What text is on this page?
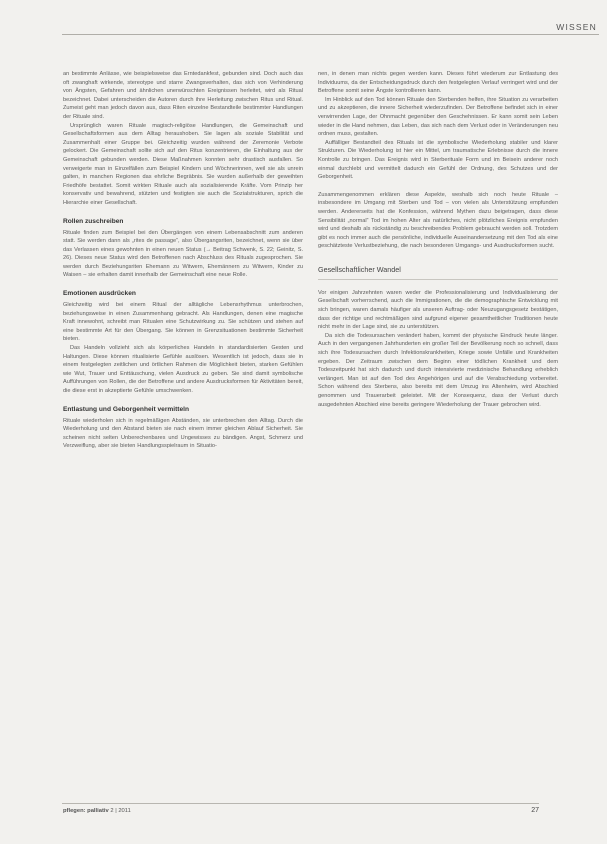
WISSEN

an bestimmte Anlässe, wie beispielsweise das Erntedankfest, gebunden sind. Doch auch das oft zwanghaft wirkende, stereotype und starre Zwangsverhalten, das sich von Verhinderung von Ängsten, Gefahren und ähnlichen unerwünschten Ereignissen herleitet, wird als Ritual bezeichnet. Dabei unterscheiden die Autoren durch ihre Herleitung zwischen Ritus und Ritual. Zumeist geht man jedoch davon aus, dass Riten einzelne Bestandteile bestimmter Handlungen der Rituale sind.

Ursprünglich waren Rituale magisch-religiöse Handlungen, die Gemeinschaft und Gesellschaftsformen aus dem Alltag heraushoben. Sie lagen als soziale Stabilität und Zusammenhalt einer Gruppe bei. Gleichzeitig wurden während der Zeremonie Verbote gelockert. Die Gemeinschaft sollte sich auf den Ritus konzentrieren, die Einhaltung aus der Gemeinschaft gebunden werden. Diese Maßnahmen konnten sehr drastisch ausfallen. So verweigerte man in Einzelfällen zum Beispiel Kindern und Wöchnerinnen, weil sie als unrein galten, in manchen Regionen das ehrliche Begräbnis. Sie wurden außerhalb der geweihten Friedhöfe bestattet. Somit wirkten Rituale auch als sozialisierende Kräfte. Vom Prinzip her konservativ und bewahrend, stützten und festigten sie auch die Sozialstrukturen, sprich die Hierarchie einer Gesellschaft.

Rollen zuschreiben

Rituale finden zum Beispiel bei den Übergängen von einem Lebensabschnitt zum anderen statt. Sie werden dann als „rites de passage“, also Übergangsriten, bezeichnet, wenn sie über das Verlassen eines gewohnten in einen neuen Status (→ Beitrag Schwenk, S. 22; Geinitz, S. 26). Dieses neue Status wird den Betroffenen nach Abschluss des Rituals zugesprochen. Sie werden durch Beziehungsriten Ehemann zu Witwern, Ehemännern zu Witwern, Kinder zu Waisen – sie erhalten damit innerhalb der Gemeinschaft eine neue Rolle.

Emotionen ausdrücken

Gleichzeitig wird bei einem Ritual der alltägliche Lebensrhythmus unterbrochen, beziehungsweise in einen Zusammenhang gebracht. Als Handlungen, denen eine magische Kraft innewohnt, schreibt man Ritualen eine Schutzwirkung zu. Sie schützen und stehen auf eine bestimmte Art für den Übergang. Sie können in Grenzsituationen bestimmte Sicherheit bieten.

Das Handeln vollzieht sich als körperliches Handeln in standardisierten Gesten und Haltungen. Diese können ritualisierte Gefühle auslösen. Wesentlich ist jedoch, dass sie in einem festgelegten zeitlichen und örtlichen Rahmen die Möglichkeit bieten, starken Gefühlen wie Wut, Trauer und Enttäuschung, vielen Ausdruck zu geben. Sie sind damit symbolische Aufführungen von Rollen, die der Betroffene und andere Ausdrucksformen für Aktivitäten bereit, die diese erst in akzeptierte Gefühle umschwenken.

Entlastung und Geborgenheit vermitteln

Rituale wiederholen sich in regelmäßigen Abständen, sie unterbrechen den Alltag. Durch die Wiederholung und den Abstand bieten sie nach einem immer gleichen Ablauf Sicherheit. Sie scheinen nicht selten Unberechenbares und Ungewisses zu bändigen. Angst, Schmerz und Verzweiflung, aber sie bieten Handlungsspielraum in Situatio-

nen, in denen man nichts gegen werden kann. Dieses führt wiederum zur Entlastung des Individuums, da der Entscheidungsdruck durch den festgelegten Verlauf verringert wird und der Betroffene somit seine Ängste kontrollieren kann.

Im Hinblick auf den Tod können Rituale den Sterbenden helfen, ihre Situation zu verarbeiten und zu akzeptieren, die innere Sicherheit wiederzufinden. Der Betroffene befindet sich in einer verwirrenden Lage, der Ohnmacht gegenüber den Geschehnissen. Er kann somit sein Leben wieder in die Hand nehmen, das Leben, das sich nach dem Verlust oder in Veränderungen neu ordnen muss, gestalten.

Auffälliger Bestandteil des Rituals ist die symbolische Wiederholung stabiler und klarer Strukturen. Die Wiederholung ist hier ein Mittel, um traumatische Erlebnisse durch die innere Kontrolle zu bringen. Das Ereignis wird in Sterberituale Form und im Beisein anderer noch einmal durchlebt und vermittelt dadurch ein Gefühl der Ordnung, des Schutzes und der Geborgenheit.

Zusammengenommen erklären diese Aspekte, weshalb sich noch heute Rituale – insbesondere im Umgang mit Sterben und Tod – von vielen als Unterstützung empfunden werden. Andererseits hat die Konfession, während Mythen dazu beigetragen, dass diese Sensibilität „normal“ Tod im hohen Alter als natürliches, nicht plötzliches Ereignis empfunden wird und deshalb als rückständig zu beschreibendes Problem gebraucht werden soll. Trotzdem gibt es noch immer auch die persönliche, individuelle Auseinandersetzung mit den Tod als eine geschätzteste Verlustbeziehung, die nach besonderen Umgangs- und Ausdrucksformen sucht.

Gesellschaftlicher Wandel

Vor einigen Jahrzehnten waren weder die Professionalisierung und Individualisierung der Gesellschaft vorherrschend, auch die Immigrationen, die die demographische Entwicklung mit sich bringen, waren damals häufiger als unseren Auftrag- oder Neuzugangsgesetz bestätigen, dass der richtige und rechtmäßigen sind aufgrund eigener gesamtheitlicher Traditionen heute nicht mehr in der Lage sind, sie zu unterstützen.

Da sich die Todesursachen verändert haben, kommt der physische Eindruck heute länger. Auch in den vergangenen Jahrhunderten ein großer Teil der Bevölkerung noch so schnell, dass sich ihre Todesursachen durch Infektionskrankheiten, Kriege sowie Unfälle und Krankheiten ergeben. Der Zeitraum zwischen dem Beginn einer tödlichen Krankheit und dem Todeszeitpunkt hat sich dadurch und durch intensivierte medizinische Behandlung erheblich verlängert. Man ist auf den Tod des Angehörigen und auf die Verabschiedung vorbereitet. Schon während des Sterbens, also bereits mit dem Umzug ins Altenheim, wird Abschied genommen und Trauerarbeit geleistet. Mit der Konsequenz, dass der Verlust durch ausgedehnten Abschied eine bereits geringere Wiederholung der Trauer gebrochen wird.

pflegen: palliativ 2 | 2011	27
